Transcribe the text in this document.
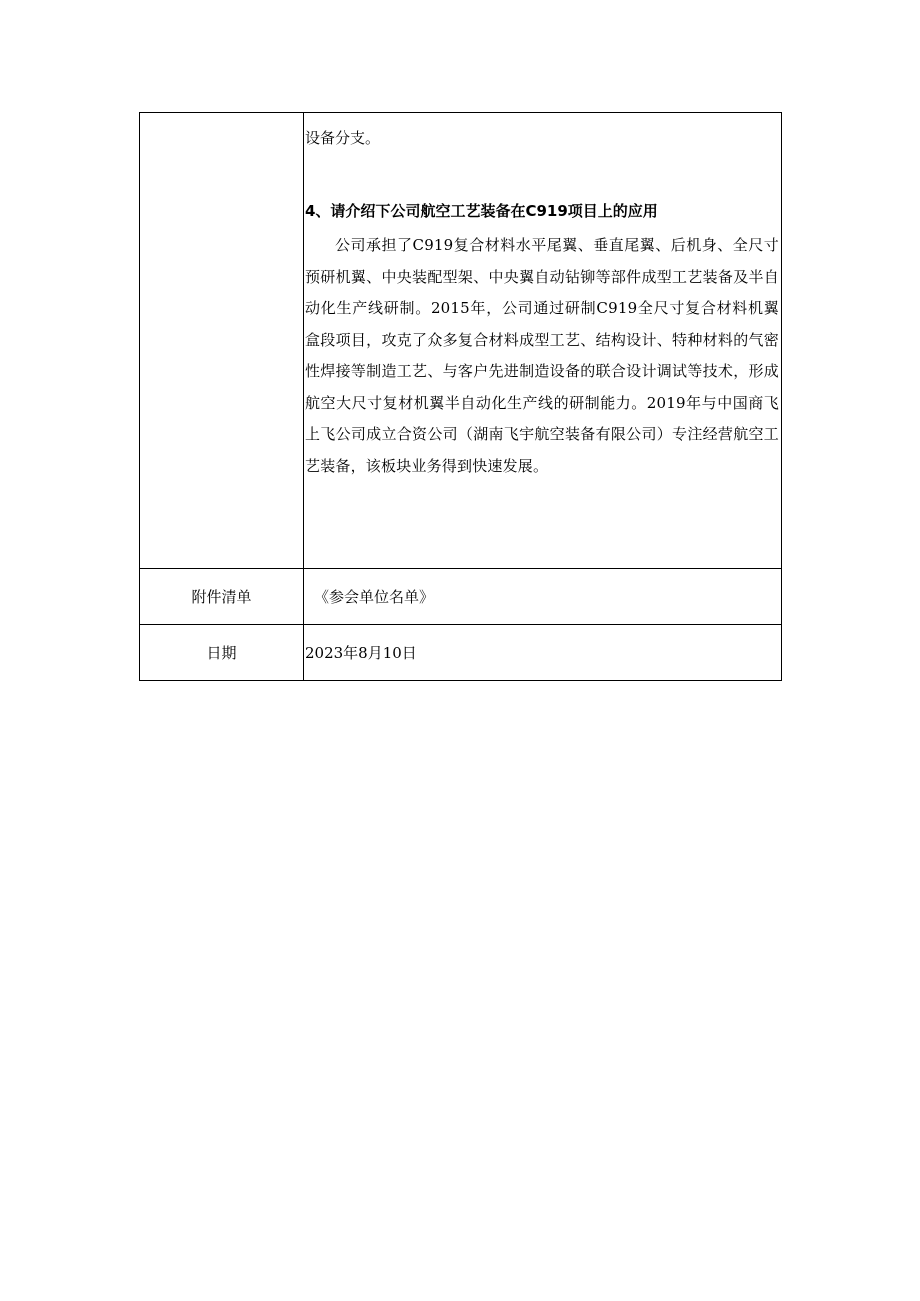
	设备分支。

4、请介绍下公司航空工艺装备在C919项目上的应用

公司承担了C919复合材料水平尾翼、垂直尾翼、后机身、全尺寸预研机翼、中央装配型架、中央翼自动钻铆等部件成型工艺装备及半自动化生产线研制。2015年，公司通过研制C919全尺寸复合材料机翼盒段项目，攻克了众多复合材料成型工艺、结构设计、特种材料的气密性焊接等制造工艺、与客户先进制造设备的联合设计调试等技术，形成航空大尺寸复材机翼半自动化生产线的研制能力。2019年与中国商飞上飞公司成立合资公司（湖南飞宇航空装备有限公司）专注经营航空工艺装备，该板块业务得到快速发展。

附件清单	《参会单位名单》
日期	2023年8月10日
